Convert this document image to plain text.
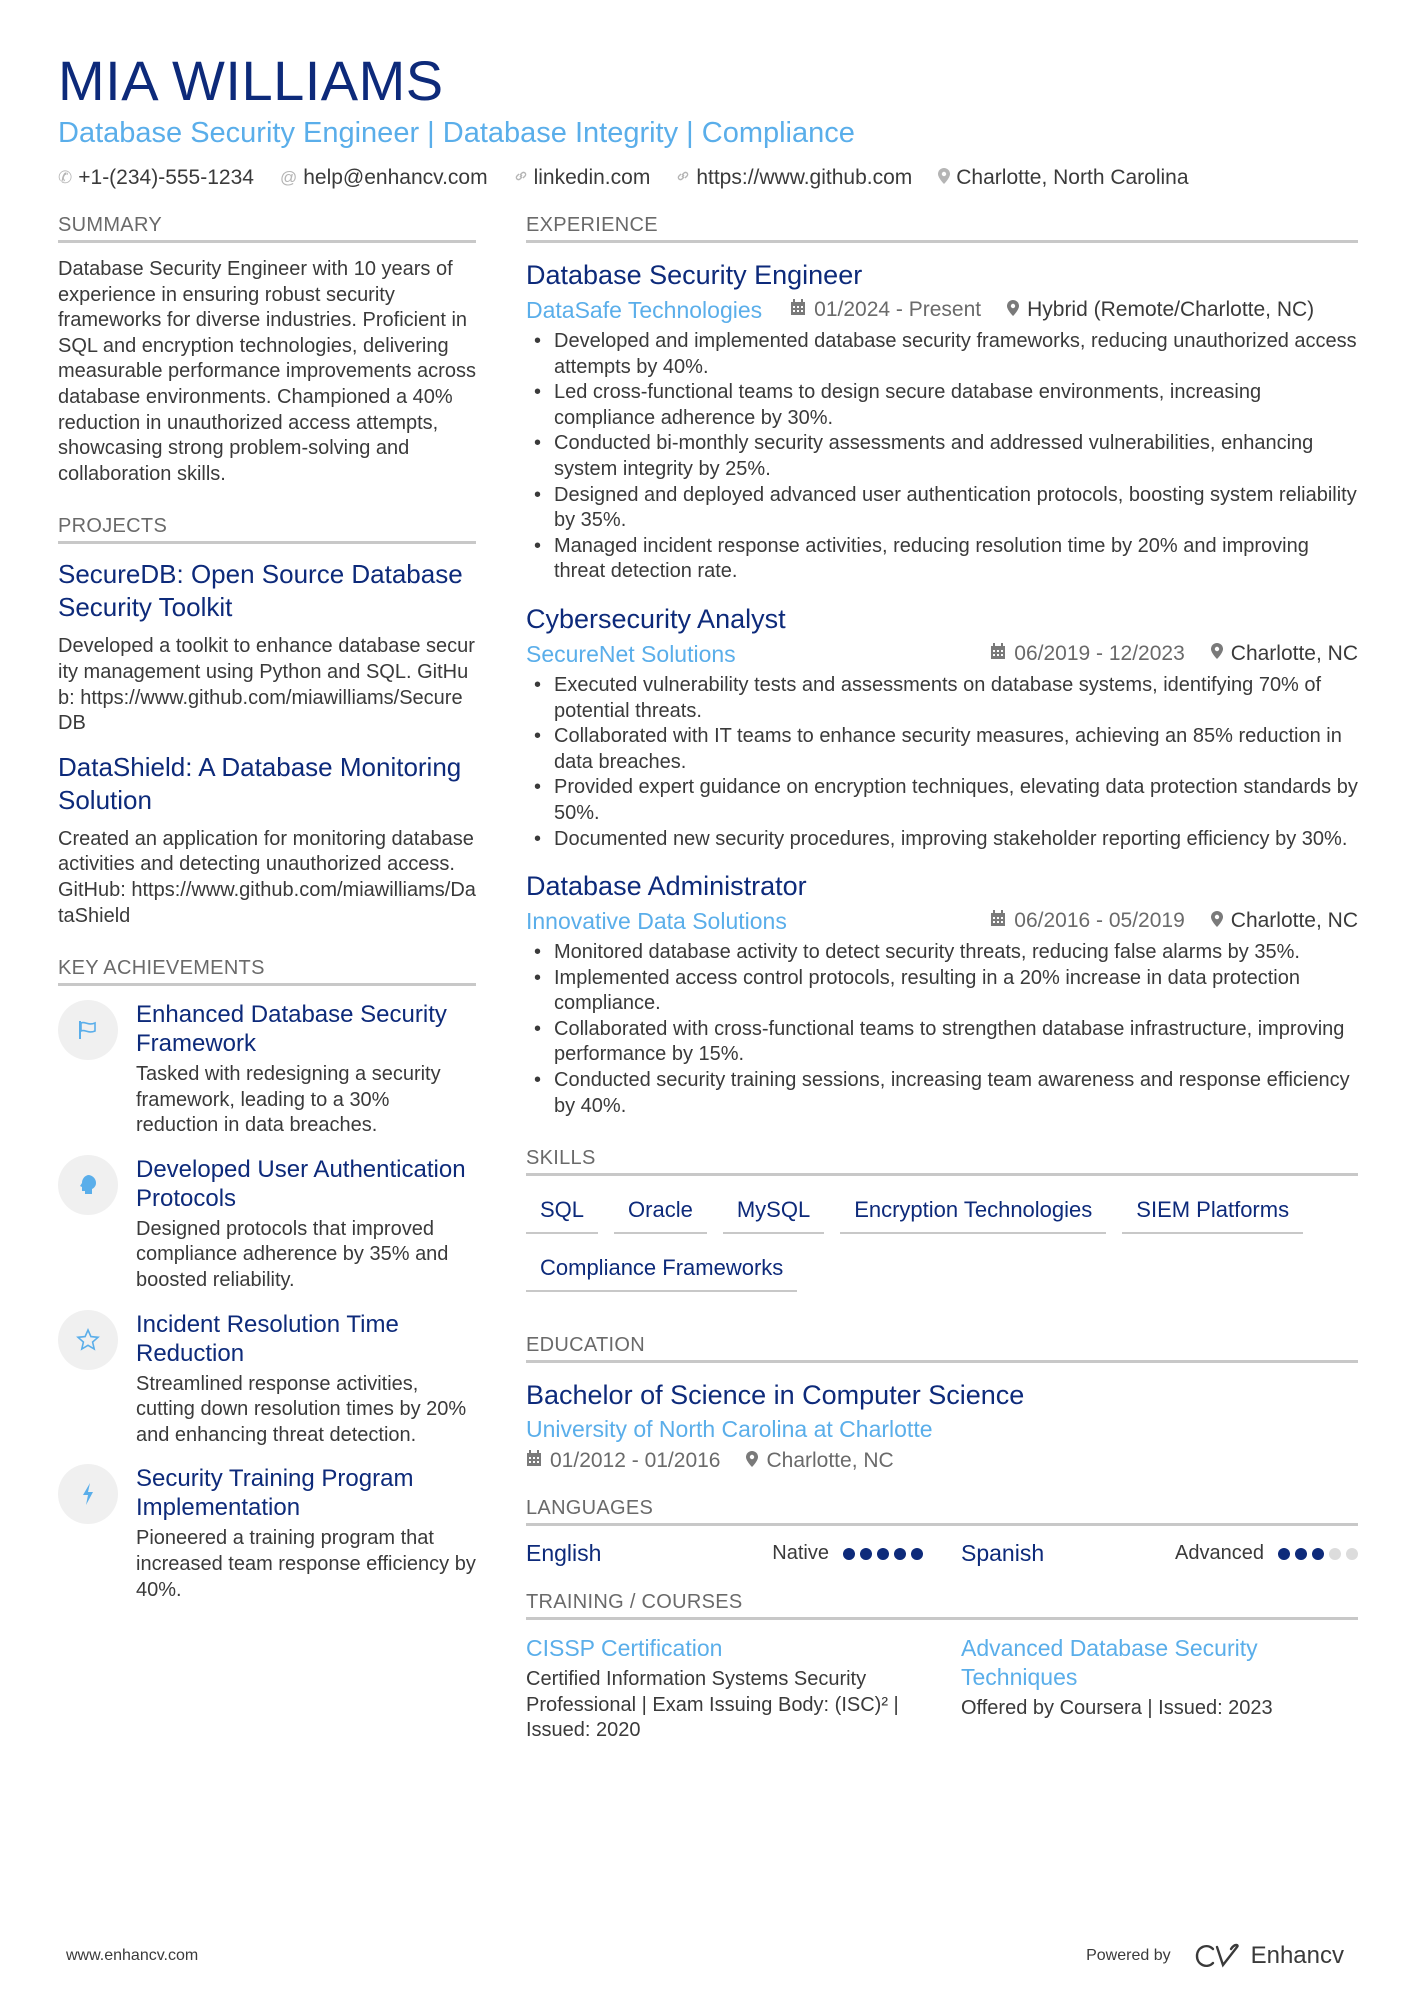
MIA WILLIAMS
Database Security Engineer | Database Integrity | Compliance
✆ +1-(234)-555-1234 @ help@enhancv.com linkedin.com https://www.github.com Charlotte, North Carolina
SUMMARY

Database Security Engineer with 10 years of experience in ensuring robust security frameworks for diverse industries. Proficient in SQL and encryption technologies, delivering measurable performance improvements across database environments. Championed a 40% reduction in unauthorized access attempts, showcasing strong problem-solving and collaboration skills.

PROJECTS
SecureDB: Open Source Database Security Toolkit

Developed a toolkit to enhance database security management using Python and SQL. GitHub: https://www.github.com/miawilliams/SecureDB

DataShield: A Database Monitoring Solution

Created an application for monitoring database activities and detecting unauthorized access. GitHub: https://www.github.com/miawilliams/DataShield

KEY ACHIEVEMENTS
Enhanced Database Security Framework

Tasked with redesigning a security framework, leading to a 30% reduction in data breaches.

Developed User Authentication Protocols

Designed protocols that improved compliance adherence by 35% and boosted reliability.

Incident Resolution Time Reduction

Streamlined response activities, cutting down resolution times by 20% and enhancing threat detection.

Security Training Program Implementation

Pioneered a training program that increased team response efficiency by 40%.

EXPERIENCE
Database Security Engineer
DataSafe Technologies 01/2024 - Present Hybrid (Remote/Charlotte, NC)
• Developed and implemented database security frameworks, reducing unauthorized access attempts by 40%.
• Led cross-functional teams to design secure database environments, increasing compliance adherence by 30%.
• Conducted bi-monthly security assessments and addressed vulnerabilities, enhancing system integrity by 25%.
• Designed and deployed advanced user authentication protocols, boosting system reliability by 35%.
• Managed incident response activities, reducing resolution time by 20% and improving threat detection rate.
Cybersecurity Analyst
SecureNet Solutions	06/2019 - 12/2023 Charlotte, NC
• Executed vulnerability tests and assessments on database systems, identifying 70% of potential threats.
• Collaborated with IT teams to enhance security measures, achieving an 85% reduction in data breaches.
• Provided expert guidance on encryption techniques, elevating data protection standards by 50%.
• Documented new security procedures, improving stakeholder reporting efficiency by 30%.
Database Administrator
Innovative Data Solutions	06/2016 - 05/2019 Charlotte, NC
• Monitored database activity to detect security threats, reducing false alarms by 35%.
• Implemented access control protocols, resulting in a 20% increase in data protection compliance.
• Collaborated with cross-functional teams to strengthen database infrastructure, improving performance by 15%.
• Conducted security training sessions, increasing team awareness and response efficiency by 40%.
SKILLS
SQL	Oracle	MySQL	Encryption Technologies	SIEM Platforms
Compliance Frameworks
EDUCATION
Bachelor of Science in Computer Science
University of North Carolina at Charlotte
01/2012 - 01/2016 Charlotte, NC
LANGUAGES
English	Native	Spanish	Advanced
TRAINING / COURSES
CISSP Certification

Certified Information Systems Security Professional | Exam Issuing Body: (ISC)² | Issued: 2020

Advanced Database Security Techniques

Offered by Coursera | Issued: 2023

www.enhancv.com	Powered by	Enhancv
